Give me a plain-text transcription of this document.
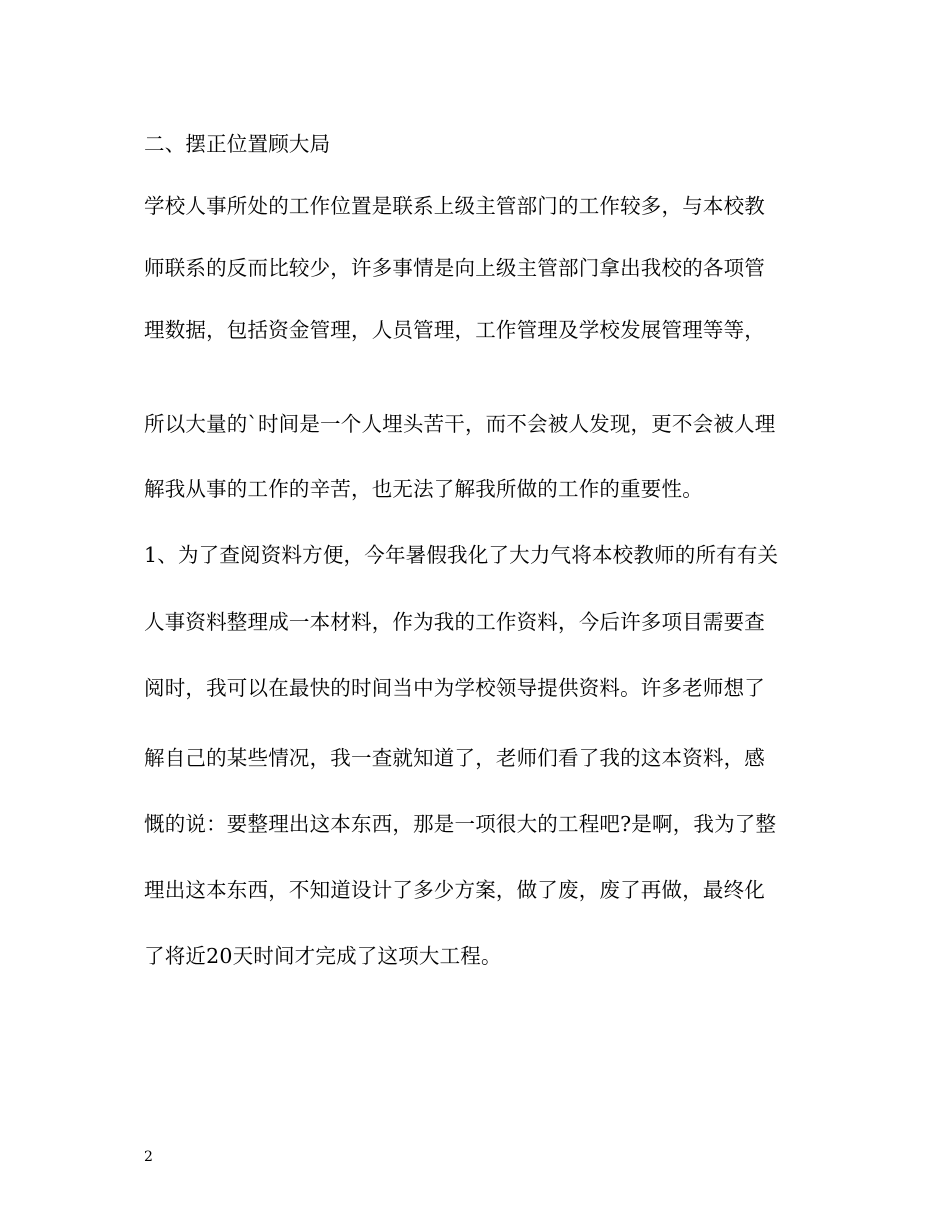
二、摆正位置顾大局
学校人事所处的工作位置是联系上级主管部门的工作较多，与本校教
师联系的反而比较少，许多事情是向上级主管部门拿出我校的各项管
理数据，包括资金管理，人员管理，工作管理及学校发展管理等等，
所以大量的`时间是一个人埋头苦干，而不会被人发现，更不会被人理
解我从事的工作的辛苦，也无法了解我所做的工作的重要性。
1、为了查阅资料方便，今年暑假我化了大力气将本校教师的所有有关
人事资料整理成一本材料，作为我的工作资料，今后许多项目需要查
阅时，我可以在最快的时间当中为学校领导提供资料。许多老师想了
解自己的某些情况，我一查就知道了，老师们看了我的这本资料，感
慨的说：要整理出这本东西，那是一项很大的工程吧?是啊，我为了整
理出这本东西，不知道设计了多少方案，做了废，废了再做，最终化
了将近20天时间才完成了这项大工程。
2
